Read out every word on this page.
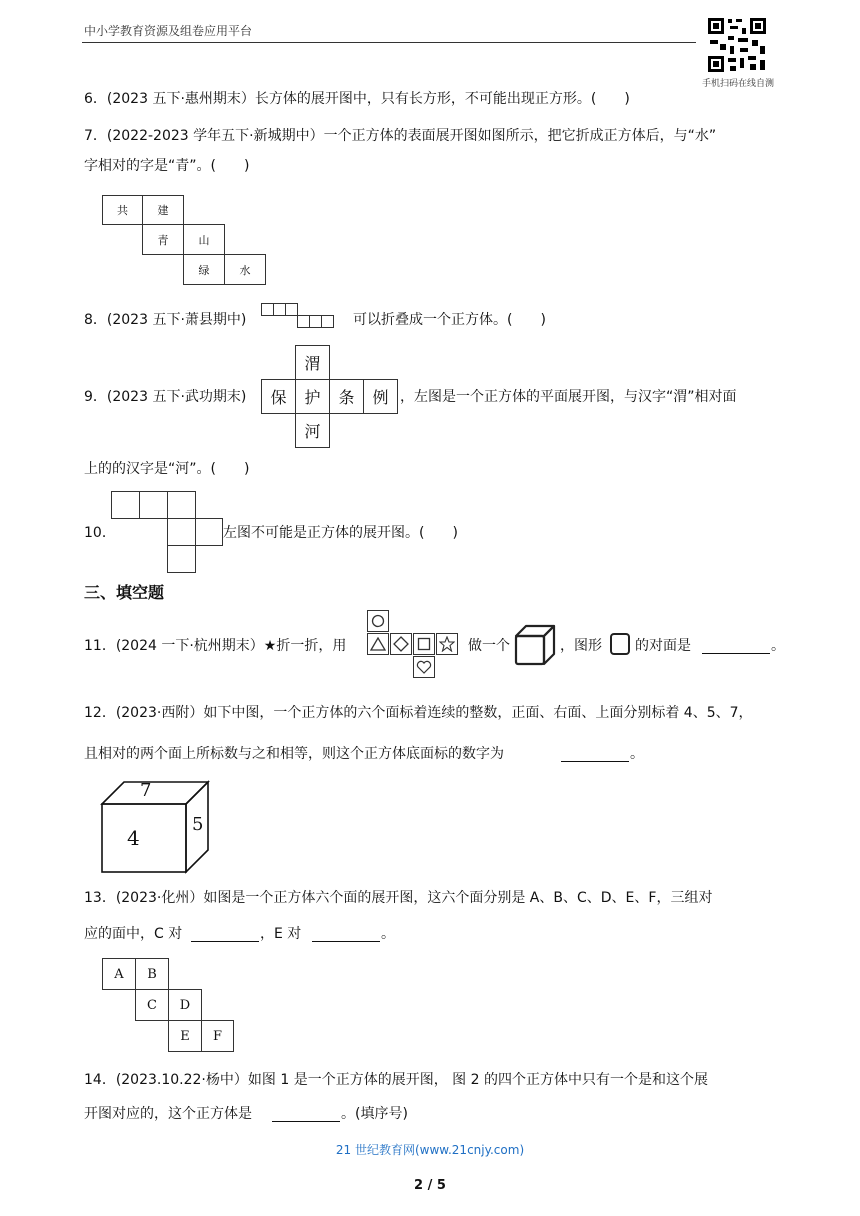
中小学教育资源及组卷应用平台
手机扫码在线自测
6．(2023 五下·惠州期末）长方体的展开图中，只有长方形，不可能出现正方形。(　　)
7．(2022-2023 学年五下·新城期中）一个正方体的表面展开图如图所示，把它折成正方体后，与“水”
字相对的字是“青”。(　　)
共	建
青	山
绿	水
8．(2023 五下·萧县期中)	可以折叠成一个正方体。(　　)
9．(2023 五下·武功期末)
渭
保	护	条	例
河
，左图是一个正方体的平面展开图，与汉字“渭”相对面
上的的汉字是“河”。(　　)
10．	左图不可能是正方体的展开图。(　　)
三、填空题
11．(2024 一下·杭州期末）★折一折，用	做一个	，图形 的对面是	。
12．(2023·西附）如下中图，一个正方体的六个面标着连续的整数，正面、右面、上面分别标着 4、5、7，
且相对的两个面上所标数与之和相等，则这个正方体底面标的数字为	。
7
4
5
13．(2023·化州）如图是一个正方体六个面的展开图，这六个面分别是 A、B、C、D、E、F，三组对
应的面中，C 对	，E 对	。
A	B
C	D
E	F
14．(2023.10.22·杨中）如图 1 是一个正方体的展开图， 图 2 的四个正方体中只有一个是和这个展
开图对应的，这个正方体是	。(填序号)
21 世纪教育网(www.21cnjy.com)
2 / 5
